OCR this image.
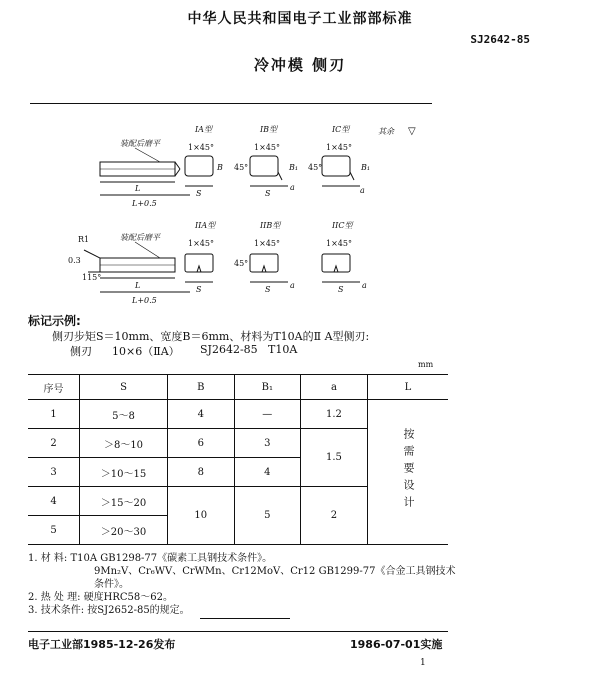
中华人民共和国电子工业部部标准
SJ2642-85
冷冲模 侧刃
装配后磨平
装配后磨平
其余 ▽
IA型	IB型	IC型
IIA型	IIB型	IIC型
1×45°	1×45°	1×45°
1×45°	1×45°	1×45°
45°	45°
45°
L
L+0.5
L
L+0.5
S	S
S	S	S
B	B₁	B₁
a	a
a	a
R1
0.3
115°
标记示例:
侧刃步矩S＝10mm、宽度B＝6mm、材料为T10A的Ⅱ A型侧刃:
侧刃 10×6（ⅡA） SJ2642-85 T10A
mm
序号	S	B	B₁	a	L
1	5～8	4	—	1.2	按需要设计
2	＞8～10	6	3	1.5	
3	＞10～15	8	4		
4	＞15～20	10	5	2	
5	＞20～30				
1. 材 料: T10A GB1298-77《碳素工具钢技术条件》。
9Mn₂V、Cr₆WV、CrWMn、Cr12MoV、Cr12 GB1299-77《合金工具钢技术
条件》。
2. 热 处 理: 硬度HRC58～62。
3. 技术条件: 按SJ2652-85的规定。
电子工业部1985-12-26发布	1986-07-01实施
1
